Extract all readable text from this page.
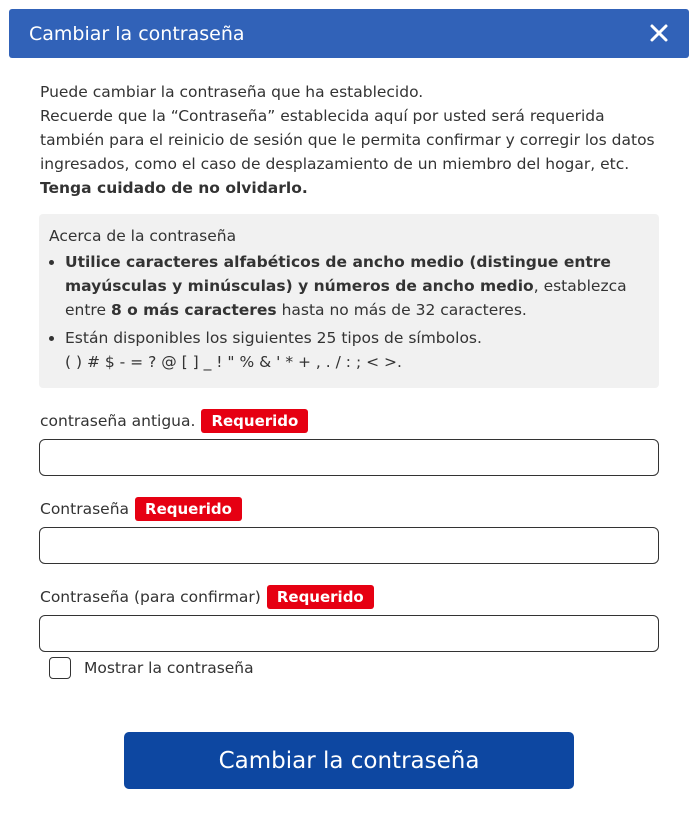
Cambiar la contraseña
Puede cambiar la contraseña que ha establecido.
Recuerde que la “Contraseña” establecida aquí por usted será requerida
también para el reinicio de sesión que le permita confirmar y corregir los datos
ingresados, como el caso de desplazamiento de un miembro del hogar, etc.
Tenga cuidado de no olvidarlo.
Acerca de la contraseña
• Utilice caracteres alfabéticos de ancho medio (distingue entre mayúsculas y minúsculas) y números de ancho medio, establezca entre 8 o más caracteres hasta no más de 32 caracteres.
• Están disponibles los siguientes 25 tipos de símbolos.
( ) # $ - = ? @ [ ] _ ! " % & ' * + , . / : ; < >.
contraseña antigua.	Requerido
Contraseña	Requerido
Contraseña (para confirmar)	Requerido
Mostrar la contraseña
Cambiar la contraseña
